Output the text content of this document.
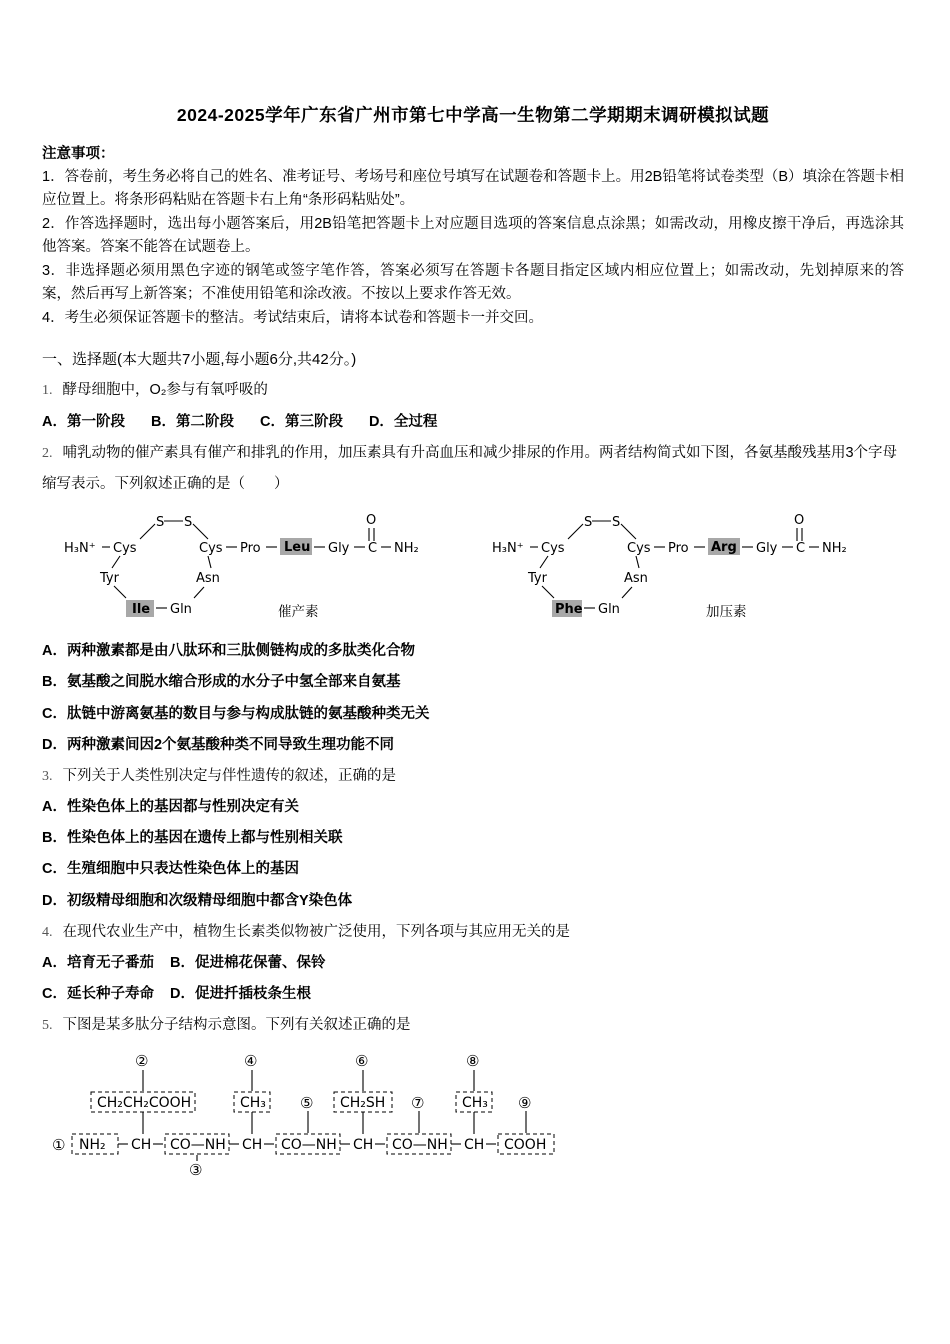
2024-2025学年广东省广州市第七中学高一生物第二学期期末调研模拟试题
注意事项：

1．答卷前，考生务必将自己的姓名、准考证号、考场号和座位号填写在试题卷和答题卡上。用2B铅笔将试卷类型（B）填涂在答题卡相应位置上。将条形码粘贴在答题卡右上角“条形码粘贴处”。

2．作答选择题时，选出每小题答案后，用2B铅笔把答题卡上对应题目选项的答案信息点涂黑；如需改动，用橡皮擦干净后，再选涂其他答案。答案不能答在试题卷上。

3．非选择题必须用黑色字迹的钢笔或签字笔作答，答案必须写在答题卡各题目指定区域内相应位置上；如需改动，先划掉原来的答案，然后再写上新答案；不准使用铅笔和涂改液。不按以上要求作答无效。

4．考生必须保证答题卡的整洁。考试结束后，请将本试卷和答题卡一并交回。

一、选择题(本大题共7小题,每小题6分,共42分。)

1. 酵母细胞中，O₂参与有氧呼吸的

A．第一阶段 B．第二阶段 C．第三阶段 D．全过程

2. 哺乳动物的催产素具有催产和排乳的作用，加压素具有升高血压和减少排尿的作用。两者结构简式如下图，各氨基酸残基用3个字母缩写表示。下列叙述正确的是（　　）

S S
H₃N⁺ Cys	Cys Pro Leu Gly C
O
NH₂
Tyr
Ile Gln
Asn
催产素
S S
H₃N⁺ Cys	Cys Pro Arg Gly C
O
NH₂
Tyr
Phe Gln
Asn
加压素

A．两种激素都是由八肽环和三肽侧链构成的多肽类化合物

B．氨基酸之间脱水缩合形成的水分子中氢全部来自氨基

C．肽链中游离氨基的数目与参与构成肽链的氨基酸种类无关

D．两种激素间因2个氨基酸种类不同导致生理功能不同

3. 下列关于人类性别决定与伴性遗传的叙述，正确的是

A．性染色体上的基因都与性别决定有关

B．性染色体上的基因在遗传上都与性别相关联

C．生殖细胞中只表达性染色体上的基因

D．初级精母细胞和次级精母细胞中都含Y染色体

4. 在现代农业生产中，植物生长素类似物被广泛使用，下列各项与其应用无关的是

A．培育无子番茄 B．促进棉花保蕾、保铃

C．延长种子寿命 D．促进扦插枝条生根

5. 下图是某多肽分子结构示意图。下列有关叙述正确的是

②	④	⑥	⑧
CH₂CH₂COOH	CH₃ ⑤ CH₂SH ⑦	CH₃ ⑨
① NH₂ CH CO—NH CH CO—NH CH CO—NH CH COOH
③
